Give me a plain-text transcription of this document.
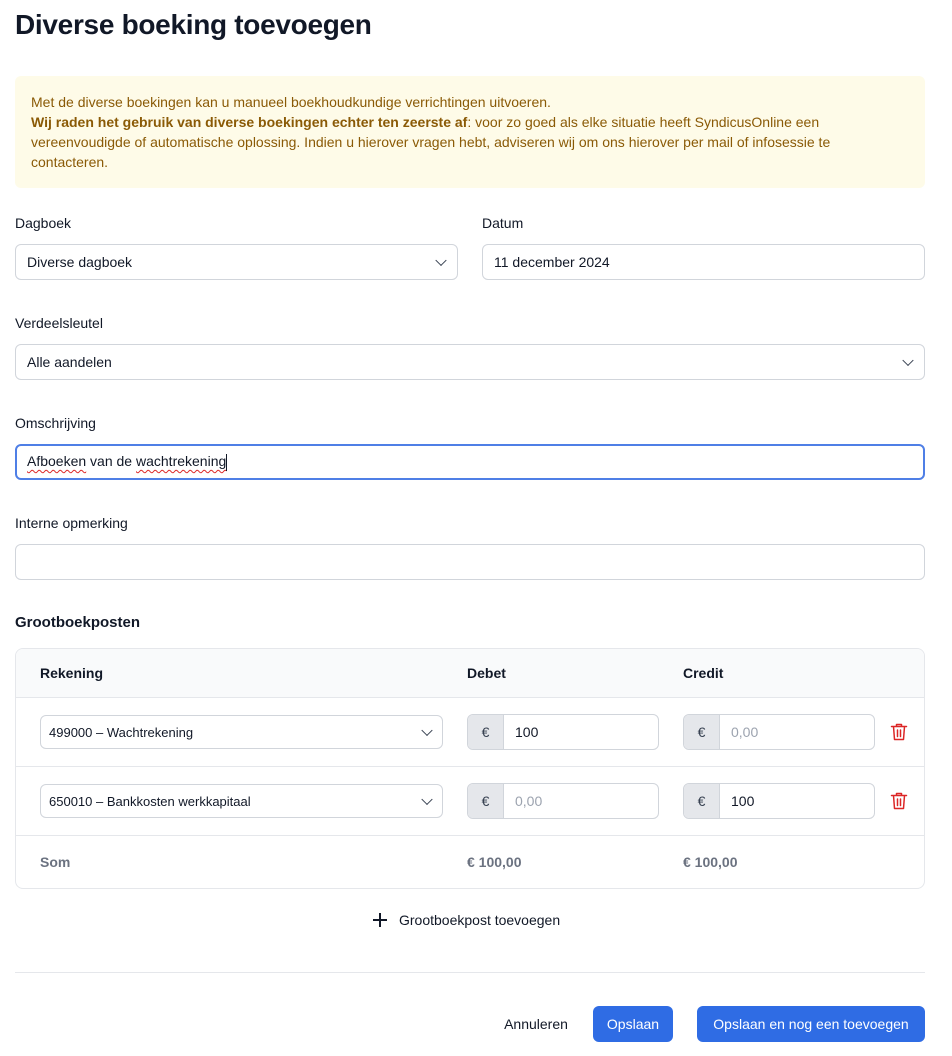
Diverse boeking toevoegen
Met de diverse boekingen kan u manueel boekhoudkundige verrichtingen uitvoeren.
Wij raden het gebruik van diverse boekingen echter ten zeerste af: voor zo goed als elke situatie heeft SyndicusOnline een vereenvoudigde of automatische oplossing. Indien u hierover vragen hebt, adviseren wij om ons hierover per mail of infosessie te contacteren.
Dagboek
Diverse dagboek
Datum
11 december 2024
Verdeelsleutel
Alle aandelen
Omschrijving
Afboeken van de wachtrekening
Interne opmerking
Grootboekposten
Rekening	Debet	Credit
499000 – Wachtrekening	€	100	€	0,00
650010 – Bankkosten werkkapitaal	€	0,00	€	100
Som	€ 100,00	€ 100,00
Grootboekpost toevoegen
Annuleren	Opslaan	Opslaan en nog een toevoegen
